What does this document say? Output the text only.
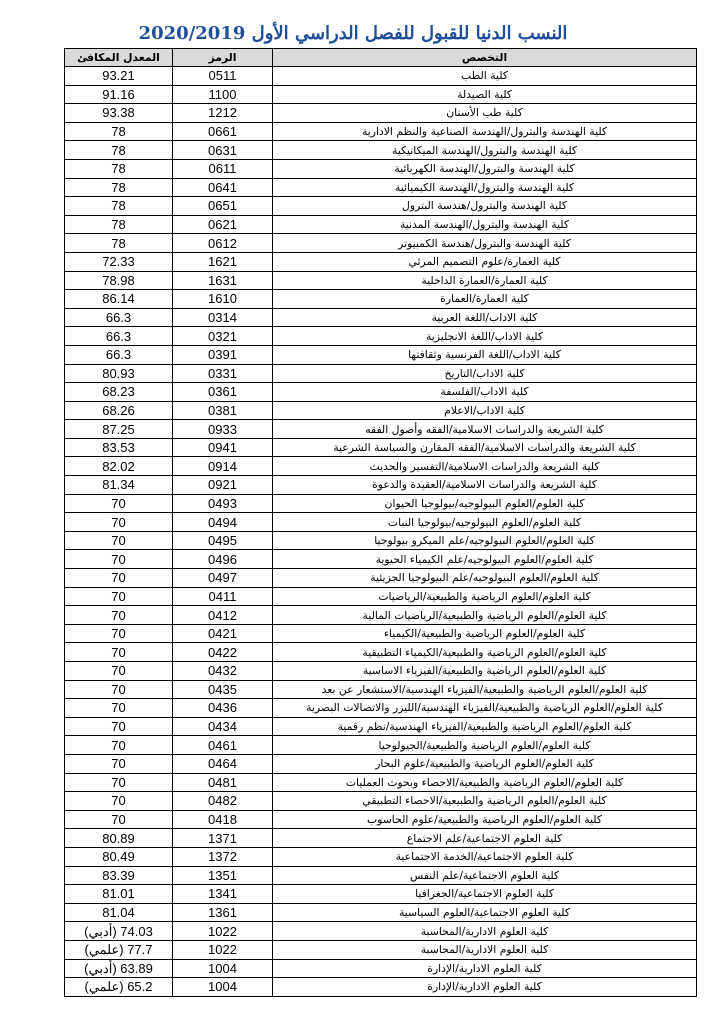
النسب الدنيا للقبول للفصل الدراسي الأول 2020/2019
المعدل المكافئ	الرمز	التخصص
93.21	0511	كلية الطب
91.16	1100	كلية الصيدلة
93.38	1212	كلية طب الأسنان
78	0661	كلية الهندسة والبترول/الهندسة الصناعية والنظم الادارية
78	0631	كلية الهندسة والبترول/الهندسة الميكانيكية
78	0611	كلية الهندسة والبترول/الهندسة الكهربائية
78	0641	كلية الهندسة والبترول/الهندسة الكيميائية
78	0651	كلية الهندسة والبترول/هندسة البترول
78	0621	كلية الهندسة والبترول/الهندسة المدنية
78	0612	كلية الهندسة والبترول/هندسة الكمبيوتر
72.33	1621	كلية العمارة/علوم التصميم المرئي
78.98	1631	كلية العمارة/العمارة الداخلية
86.14	1610	كلية العمارة/العمارة
66.3	0314	كلية الاداب/اللغة العربية
66.3	0321	كلية الاداب/اللغة الانجليزية
66.3	0391	كلية الاداب/اللغة الفرنسية وثقافتها
80.93	0331	كلية الاداب/التاريخ
68.23	0361	كلية الاداب/الفلسفة
68.26	0381	كلية الاداب/الاعلام
87.25	0933	كلية الشريعة والدراسات الاسلامية/الفقه وأصول الفقه
83.53	0941	كلية الشريعة والدراسات الاسلامية/الفقه المقارن والسياسة الشرعية
82.02	0914	كلية الشريعة والدراسات الاسلامية/التفسير والحديث
81.34	0921	كلية الشريعة والدراسات الاسلامية/العقيدة والدعوة
70	0493	كلية العلوم/العلوم البيولوجيه/بيولوجيا الحيوان
70	0494	كلية العلوم/العلوم البيولوجيه/بيولوجيا النبات
70	0495	كلية العلوم/العلوم البيولوجيه/علم الميكرو بيولوجيا
70	0496	كلية العلوم/العلوم البيولوجيه/علم الكيمياء الحيوية
70	0497	كلية العلوم/العلوم البيولوجيه/علم البيولوجيا الجزيئية
70	0411	كلية العلوم/العلوم الرياضية والطبيعية/الرياضيات
70	0412	كلية العلوم/العلوم الرياضية والطبيعية/الرياضيات المالية
70	0421	كلية العلوم/العلوم الرياضية والطبيعية/الكيمياء
70	0422	كلية العلوم/العلوم الرياضية والطبيعية/الكيمياء التطبيقية
70	0432	كلية العلوم/العلوم الرياضية والطبيعية/الفيزياء الاساسية
70	0435	كلية العلوم/العلوم الرياضية والطبيعية/الفيزياء الهندسية/الاستشعار عن بعد
70	0436	كلية العلوم/العلوم الرياضية والطبيعية/الفيزياء الهندسية/الليزر والاتصالات البصرية
70	0434	كلية العلوم/العلوم الرياضية والطبيعية/الفيزياء الهندسية/نظم رقمية
70	0461	كلية العلوم/العلوم الرياضية والطبيعية/الجيولوجيا
70	0464	كلية العلوم/العلوم الرياضية والطبيعية/علوم البحار
70	0481	كلية العلوم/العلوم الرياضية والطبيعية/الاحصاء وبحوث العمليات
70	0482	كلية العلوم/العلوم الرياضية والطبيعية/الاحصاء التطبيقي
70	0418	كلية العلوم/العلوم الرياضية والطبيعية/علوم الحاسوب
80.89	1371	كلية العلوم الاجتماعية/علم الاجتماع
80.49	1372	كلية العلوم الاجتماعية/الخدمة الاجتماعية
83.39	1351	كلية العلوم الاجتماعية/علم النفس
81.01	1341	كلية العلوم الاجتماعية/الجغرافيا
81.04	1361	كلية العلوم الاجتماعية/العلوم السياسية
74.03 (أدبي)	1022	كلية العلوم الادارية/المحاسبة
77.7 (علمي)	1022	كلية العلوم الادارية/المحاسبة
63.89 (أدبي)	1004	كلية العلوم الادارية/الإدارة
65.2 (علمي)	1004	كلية العلوم الادارية/الإدارة
